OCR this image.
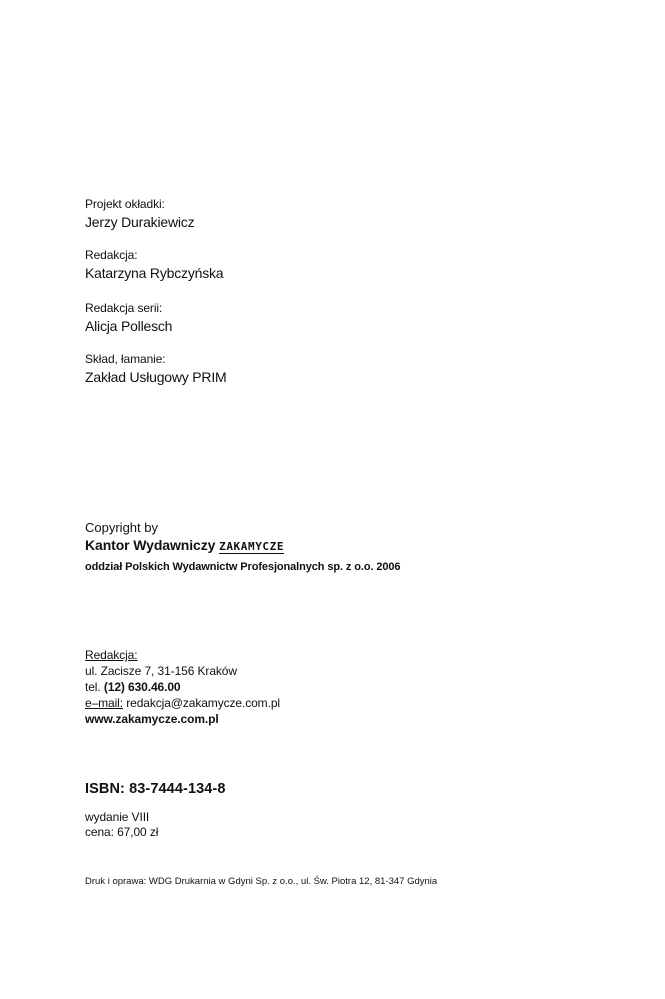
Projekt okładki:
Jerzy Durakiewicz
Redakcja:
Katarzyna Rybczyńska
Redakcja serii:
Alicja Pollesch
Skład, łamanie:
Zakład Usługowy PRIM
Copyright by
Kantor Wydawniczy ZAKAMYCZE
oddział Polskich Wydawnictw Profesjonalnych sp. z o.o. 2006
Redakcja:
ul. Zacisze 7, 31-156 Kraków
tel. (12) 630.46.00
e–mail: redakcja@zakamycze.com.pl
www.zakamycze.com.pl
ISBN: 83-7444-134-8
wydanie VIII
cena: 67,00 zł
Druk i oprawa: WDG Drukarnia w Gdyni Sp. z o.o., ul. Św. Piotra 12, 81-347 Gdynia
